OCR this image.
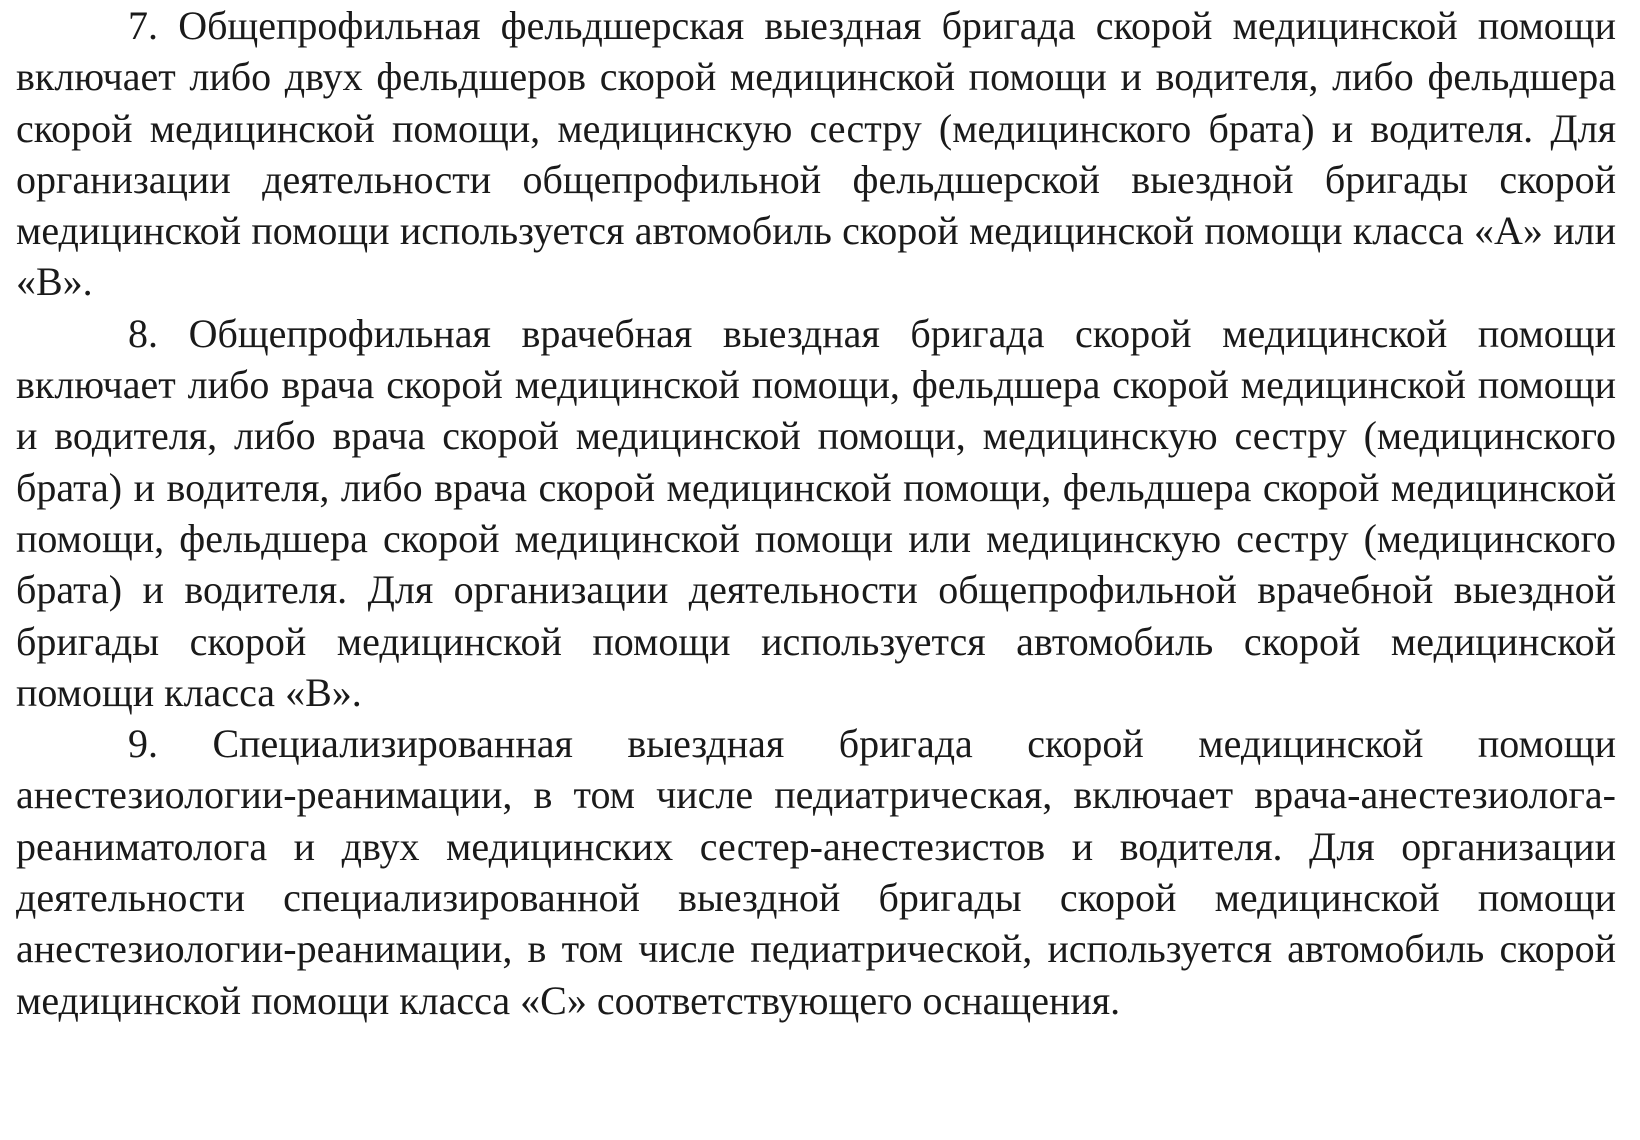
7. Общепрофильная фельдшерская выездная бригада скорой медицинской помощи включает либо двух фельдшеров скорой медицинской помощи и водителя, либо фельдшера скорой медицинской помощи, медицинскую сестру (медицинского брата) и водителя. Для организации деятельности общепрофильной фельдшерской выездной бригады скорой медицинской помощи используется автомобиль скорой медицинской помощи класса «А» или «В».

8. Общепрофильная врачебная выездная бригада скорой медицинской помощи включает либо врача скорой медицинской помощи, фельдшера скорой медицинской помощи и водителя, либо врача скорой медицинской помощи, медицинскую сестру (медицинского брата) и водителя, либо врача скорой медицинской помощи, фельдшера скорой медицинской помощи, фельдшера скорой медицинской помощи или медицинскую сестру (медицинского брата) и водителя. Для организации деятельности общепрофильной врачебной выездной бригады скорой медицинской помощи используется автомобиль скорой медицинской помощи класса «В».

9. Специализированная выездная бригада скорой медицинской помощи анестезиологии-реанимации, в том числе педиатрическая, включает врача-анестезиолога-реаниматолога и двух медицинских сестер-анестезистов и водителя. Для организации деятельности специализированной выездной бригады скорой медицинской помощи анестезиологии-реанимации, в том числе педиатрической, используется автомобиль скорой медицинской помощи класса «С» соответствующего оснащения.
